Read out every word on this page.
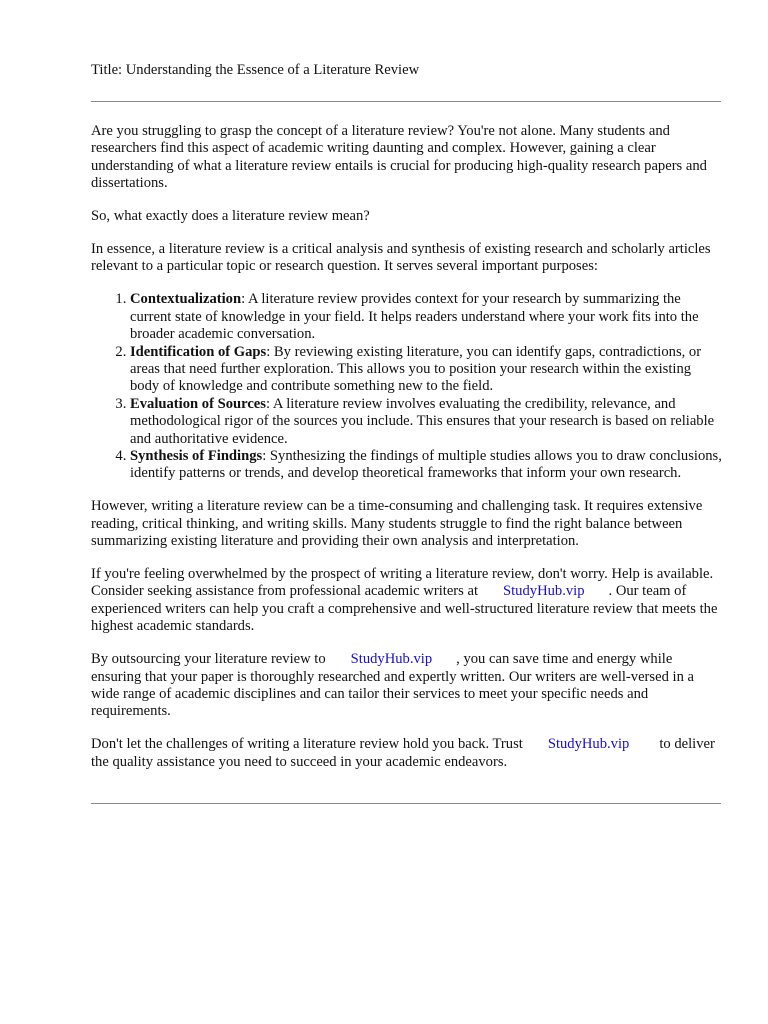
Title: Understanding the Essence of a Literature Review

Are you struggling to grasp the concept of a literature review? You're not alone. Many students and researchers find this aspect of academic writing daunting and complex. However, gaining a clear understanding of what a literature review entails is crucial for producing high-quality research papers and dissertations.

So, what exactly does a literature review mean?

In essence, a literature review is a critical analysis and synthesis of existing research and scholarly articles relevant to a particular topic or research question. It serves several important purposes:

1. Contextualization: A literature review provides context for your research by summarizing the current state of knowledge in your field. It helps readers understand where your work fits into the broader academic conversation.
2. Identification of Gaps: By reviewing existing literature, you can identify gaps, contradictions, or areas that need further exploration. This allows you to position your research within the existing body of knowledge and contribute something new to the field.
3. Evaluation of Sources: A literature review involves evaluating the credibility, relevance, and methodological rigor of the sources you include. This ensures that your research is based on reliable and authoritative evidence.
4. Synthesis of Findings: Synthesizing the findings of multiple studies allows you to draw conclusions, identify patterns or trends, and develop theoretical frameworks that inform your own research.

However, writing a literature review can be a time-consuming and challenging task. It requires extensive reading, critical thinking, and writing skills. Many students struggle to find the right balance between summarizing existing literature and providing their own analysis and interpretation.

If you're feeling overwhelmed by the prospect of writing a literature review, don't worry. Help is available. Consider seeking assistance from professional academic writers at StudyHub.vip . Our team of experienced writers can help you craft a comprehensive and well-structured literature review that meets the highest academic standards.

By outsourcing your literature review to StudyHub.vip , you can save time and energy while ensuring that your paper is thoroughly researched and expertly written. Our writers are well-versed in a wide range of academic disciplines and can tailor their services to meet your specific needs and requirements.

Don't let the challenges of writing a literature review hold you back. Trust StudyHub.vip to deliver the quality assistance you need to succeed in your academic endeavors.
